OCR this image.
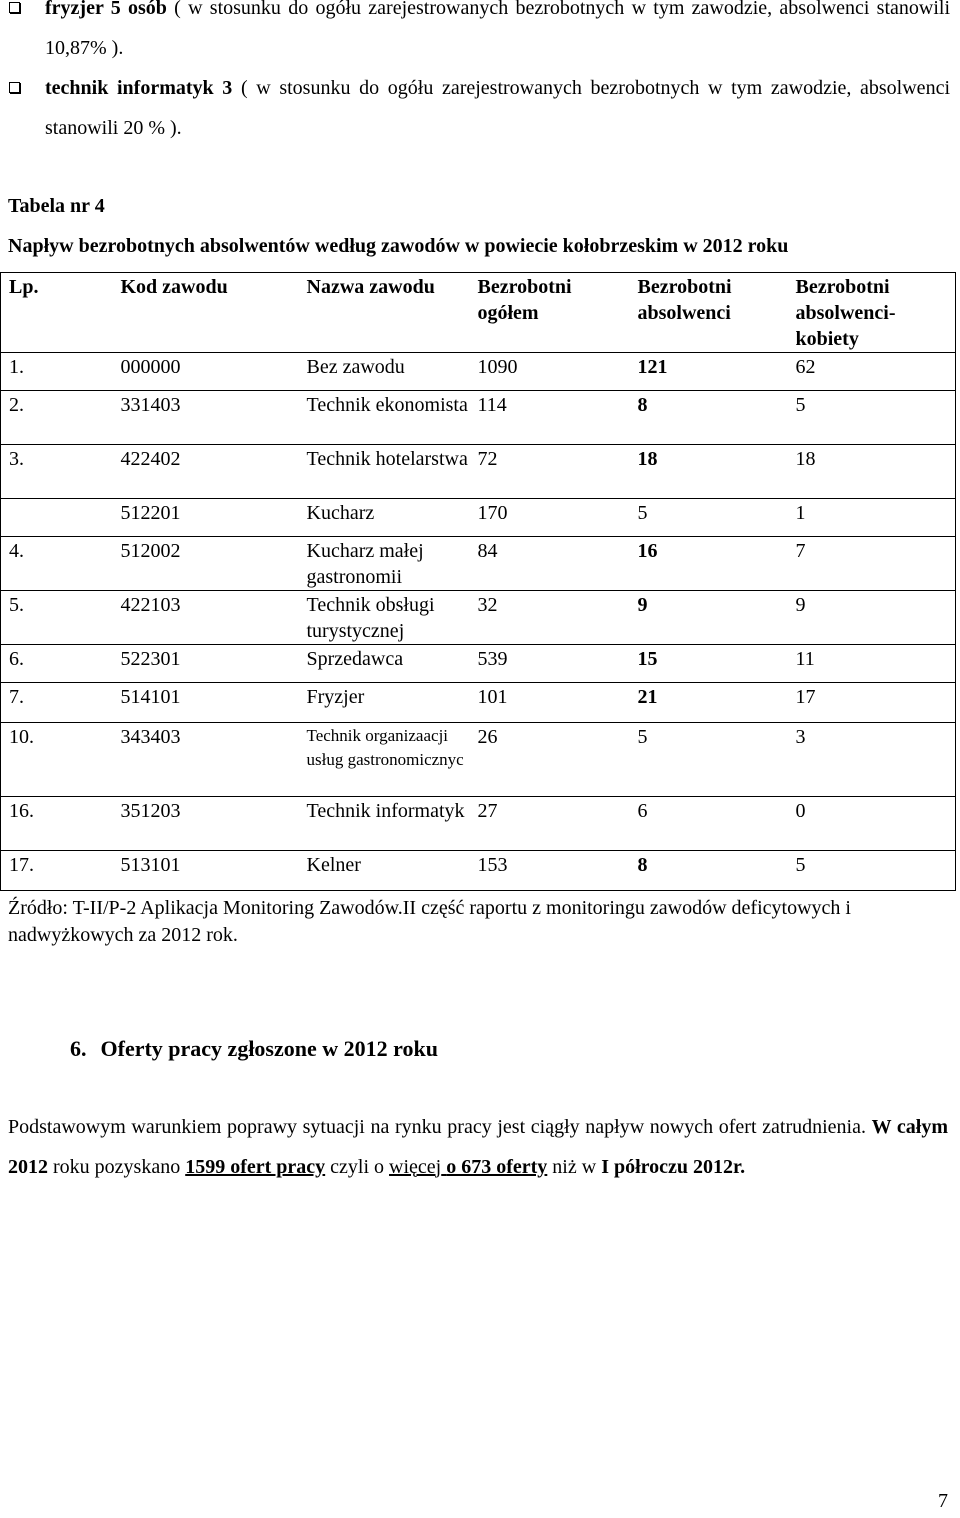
fryzjer 5 osób ( w stosunku do ogółu zarejestrowanych bezrobotnych w tym zawodzie, absolwenci stanowili 10,87% ).

technik informatyk 3 ( w stosunku do ogółu zarejestrowanych bezrobotnych w tym zawodzie, absolwenci stanowili 20 % ).

Tabela nr 4
Napływ bezrobotnych absolwentów według zawodów w powiecie kołobrzeskim w 2012 roku
Lp.	Kod zawodu	Nazwa zawodu	Bezrobotni ogółem	Bezrobotni absolwenci	Bezrobotni absolwenci-kobiety
1.	000000	Bez zawodu	1090	121	62
2.	331403	Technik ekonomista	114	8	5
3.	422402	Technik hotelarstwa	72	18	18
	512201	Kucharz	170	5	1
4.	512002	Kucharz małej gastronomii	84	16	7
5.	422103	Technik obsługi turystycznej	32	9	9
6.	522301	Sprzedawca	539	15	11
7.	514101	Fryzjer	101	21	17
10.	343403	Technik organizaacji usług gastronomicznyc	26	5	3
16.	351203	Technik informatyk	27	6	0
17.	513101	Kelner	153	8	5
Źródło: T-II/P-2 Aplikacja Monitoring Zawodów.II część raportu z monitoringu zawodów deficytowych i nadwyżkowych za 2012 rok.
6. Oferty pracy zgłoszone w 2012 roku
Podstawowym warunkiem poprawy sytuacji na rynku pracy jest ciągły napływ nowych ofert zatrudnienia. W całym 2012 roku pozyskano 1599 ofert pracy czyli o więcej o 673 oferty niż w I półroczu 2012r.
7
